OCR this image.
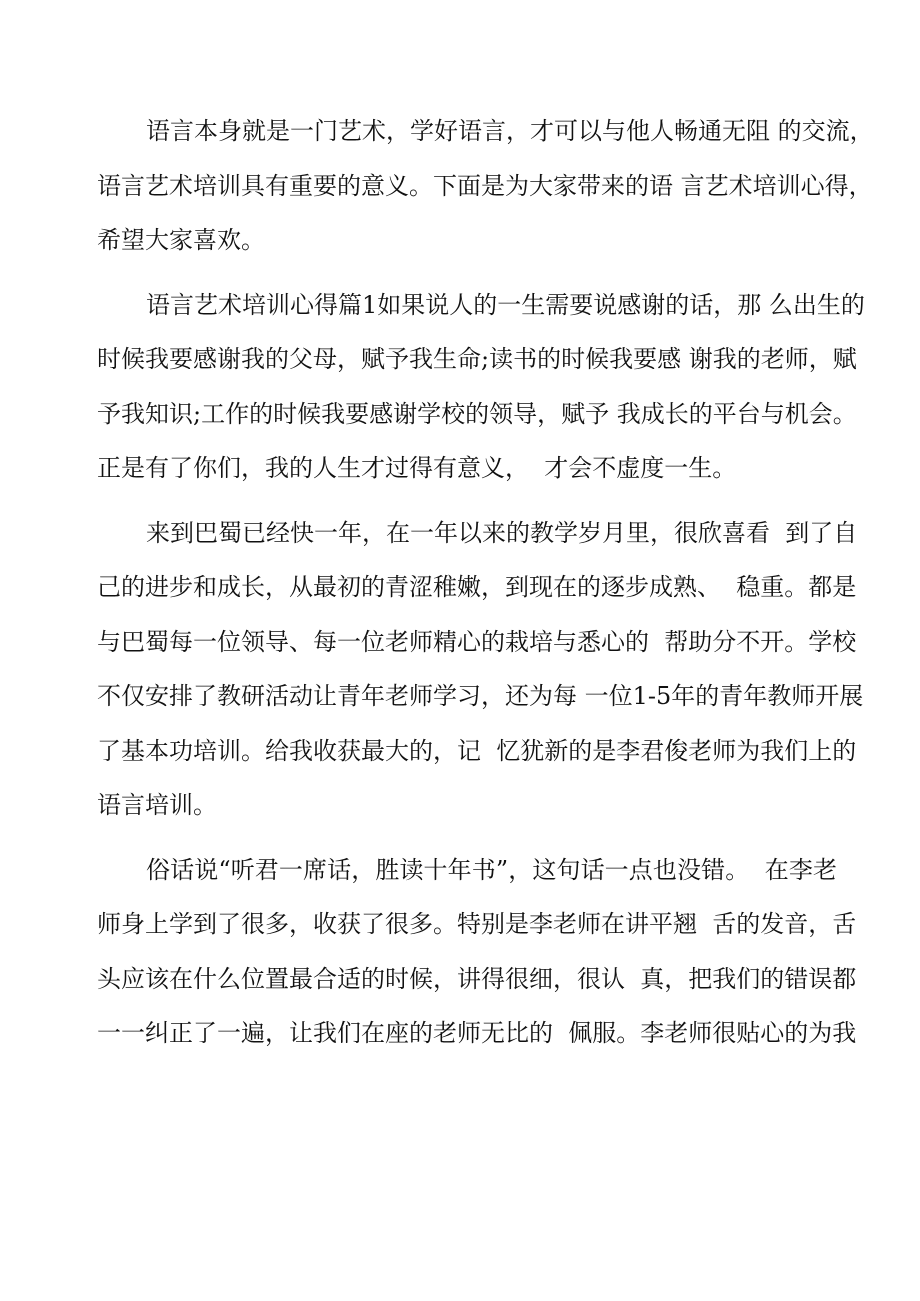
语言本身就是一门艺术，学好语言，才可以与他人畅通无阻 的交流，
语言艺术培训具有重要的意义。下面是为大家带来的语 言艺术培训心得，
希望大家喜欢。
语言艺术培训心得篇1如果说人的一生需要说感谢的话，那 么出生的
时候我要感谢我的父母，赋予我生命;读书的时候我要感 谢我的老师，赋
予我知识;工作的时候我要感谢学校的领导，赋予 我成长的平台与机会。
正是有了你们，我的人生才过得有意义，  才会不虚度一生。
来到巴蜀已经快一年，在一年以来的教学岁月里，很欣喜看  到了自
己的进步和成长，从最初的青涩稚嫩，到现在的逐步成熟、  稳重。都是
与巴蜀每一位领导、每一位老师精心的栽培与悉心的  帮助分不开。学校
不仅安排了教研活动让青年老师学习，还为每 一位1-5年的青年教师开展
了基本功培训。给我收获最大的，记  忆犹新的是李君俊老师为我们上的
语言培训。
俗话说“听君一席话，胜读十年书”，这句话一点也没错。  在李老
师身上学到了很多，收获了很多。特别是李老师在讲平翘  舌的发音，舌
头应该在什么位置最合适的时候，讲得很细，很认  真，把我们的错误都
一一纠正了一遍，让我们在座的老师无比的  佩服。李老师很贴心的为我
